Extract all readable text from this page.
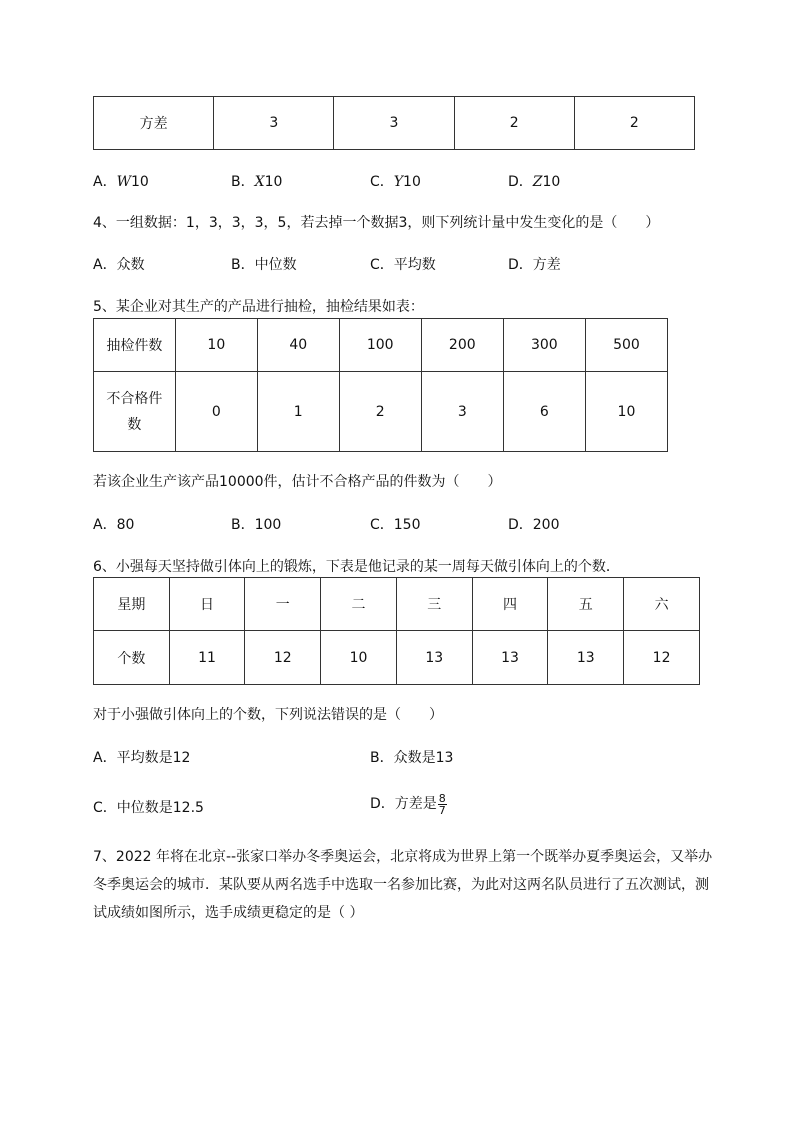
方差	3	3	2	2
A．W10	B．X10	C．Y10	D．Z10
4、一组数据：1，3，3，3，5，若去掉一个数据3，则下列统计量中发生变化的是（　　）
A．众数	B．中位数	C．平均数	D．方差
5、某企业对其生产的产品进行抽检，抽检结果如表：
抽检件数	10	40	100	200	300	500

不合格件
数	0	1	2	3	6	10
若该企业生产该产品10000件，估计不合格产品的件数为（　　）
A．80	B．100	C．150	D．200
6、小强每天坚持做引体向上的锻炼，下表是他记录的某一周每天做引体向上的个数．
星期	日	一	二	三	四	五	六
个数	11	12	10	13	13	13	12
对于小强做引体向上的个数，下列说法错误的是（　　）
A．平均数是12	B．众数是13
C．中位数是12.5	D．方差是 $\frac{8}{7}$
7、2022 年将在北京--张家口举办冬季奥运会，北京将成为世界上第一个既举办夏季奥运会，又举办
冬季奥运会的城市．某队要从两名选手中选取一名参加比赛，为此对这两名队员进行了五次测试，测
试成绩如图所示，选手成绩更稳定的是（ ）
